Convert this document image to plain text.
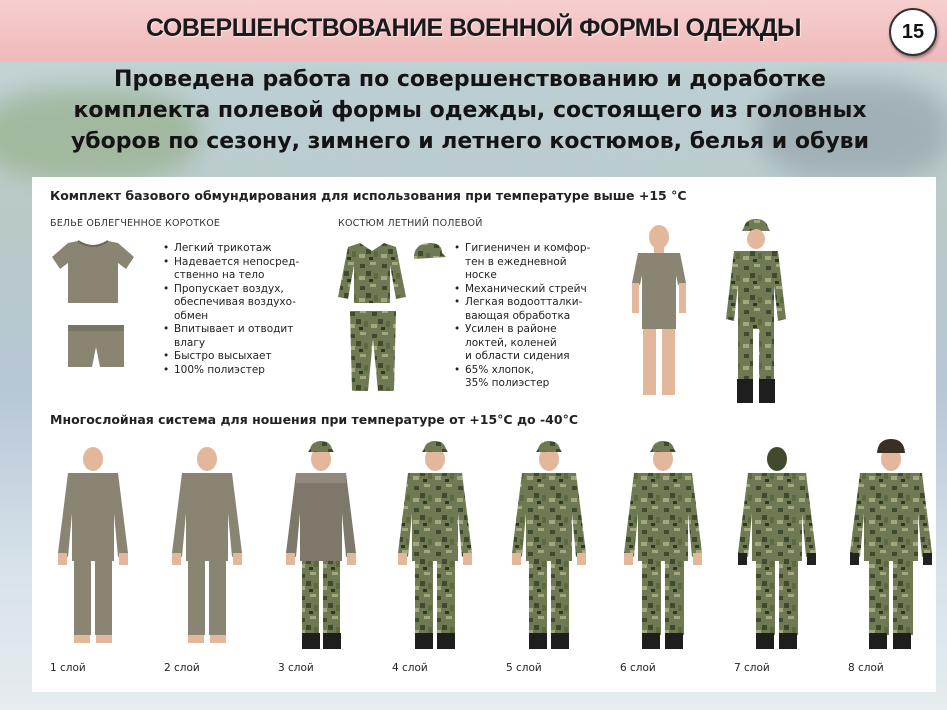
СОВЕРШЕНСТВОВАНИЕ ВОЕННОЙ ФОРМЫ ОДЕЖДЫ	15
Проведена работа по совершенствованию и доработке
комплекта полевой формы одежды, состоящего из головных
уборов по сезону, зимнего и летнего костюмов, белья и обуви
Комплект базового обмундирования для использования при температуре выше +15 °С
БЕЛЬЕ ОБЛЕГЧЕННОЕ КОРОТКОЕ	КОСТЮМ ЛЕТНИЙ ПОЛЕВОЙ
• Легкий трикотаж
• Надевается непосред-
ственно на тело
• Пропускает воздух,
обеспечивая воздухо-
обмен
• Впитывает и отводит
влагу
• Быстро высыхает
• 100% полиэстер
• Гигиеничен и комфор-
тен в ежедневной
носке
• Механический стрейч
• Легкая водоотталки-
вающая обработка
• Усилен в районе
локтей, коленей
и области сидения
• 65% хлопок,
35% полиэстер
Многослойная система для ношения при температуре от +15°С до -40°С
1 слой	2 слой	3 слой	4 слой	5 слой	6 слой	7 слой	8 слой
